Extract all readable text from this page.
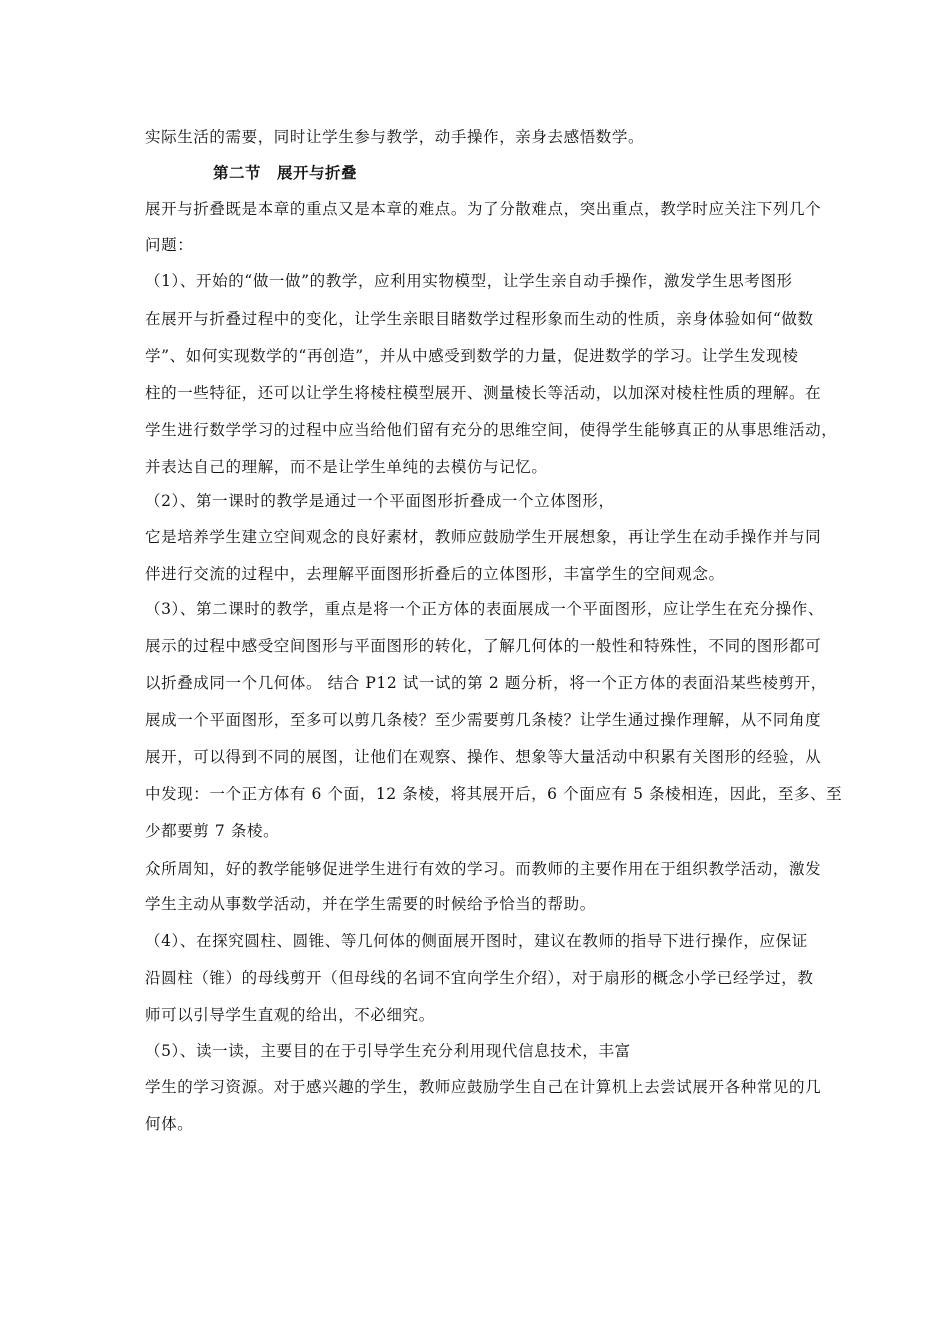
实际生活的需要，同时让学生参与教学，动手操作，亲身去感悟数学。
第二节　展开与折叠
展开与折叠既是本章的重点又是本章的难点。为了分散难点，突出重点，教学时应关注下列几个
问题：
（1）、开始的“做一做”的教学，应利用实物模型，让学生亲自动手操作，激发学生思考图形
在展开与折叠过程中的变化，让学生亲眼目睹数学过程形象而生动的性质，亲身体验如何“做数
学”、如何实现数学的“再创造”，并从中感受到数学的力量，促进数学的学习。让学生发现棱
柱的一些特征，还可以让学生将棱柱模型展开、测量棱长等活动，以加深对棱柱性质的理解。在
学生进行数学学习的过程中应当给他们留有充分的思维空间，使得学生能够真正的从事思维活动，
并表达自己的理解，而不是让学生单纯的去模仿与记忆。
（2）、第一课时的教学是通过一个平面图形折叠成一个立体图形，
它是培养学生建立空间观念的良好素材，教师应鼓励学生开展想象，再让学生在动手操作并与同
伴进行交流的过程中，去理解平面图形折叠后的立体图形，丰富学生的空间观念。
（3）、第二课时的教学，重点是将一个正方体的表面展成一个平面图形，应让学生在充分操作、
展示的过程中感受空间图形与平面图形的转化，了解几何体的一般性和特殊性，不同的图形都可
以折叠成同一个几何体。 结合 P12 试一试的第 2 题分析，将一个正方体的表面沿某些棱剪开，
展成一个平面图形，至多可以剪几条棱？至少需要剪几条棱？让学生通过操作理解，从不同角度
展开，可以得到不同的展图，让他们在观察、操作、想象等大量活动中积累有关图形的经验，从
中发现：一个正方体有 6 个面，12 条棱，将其展开后，6 个面应有 5 条棱相连，因此，至多、至
少都要剪 7 条棱。
众所周知，好的教学能够促进学生进行有效的学习。而教师的主要作用在于组织教学活动，激发
学生主动从事数学活动，并在学生需要的时候给予恰当的帮助。
（4）、在探究圆柱、圆锥、等几何体的侧面展开图时，建议在教师的指导下进行操作，应保证
沿圆柱（锥）的母线剪开（但母线的名词不宜向学生介绍），对于扇形的概念小学已经学过，教
师可以引导学生直观的给出，不必细究。
（5）、读一读，主要目的在于引导学生充分利用现代信息技术，丰富
学生的学习资源。对于感兴趣的学生，教师应鼓励学生自己在计算机上去尝试展开各种常见的几
何体。
